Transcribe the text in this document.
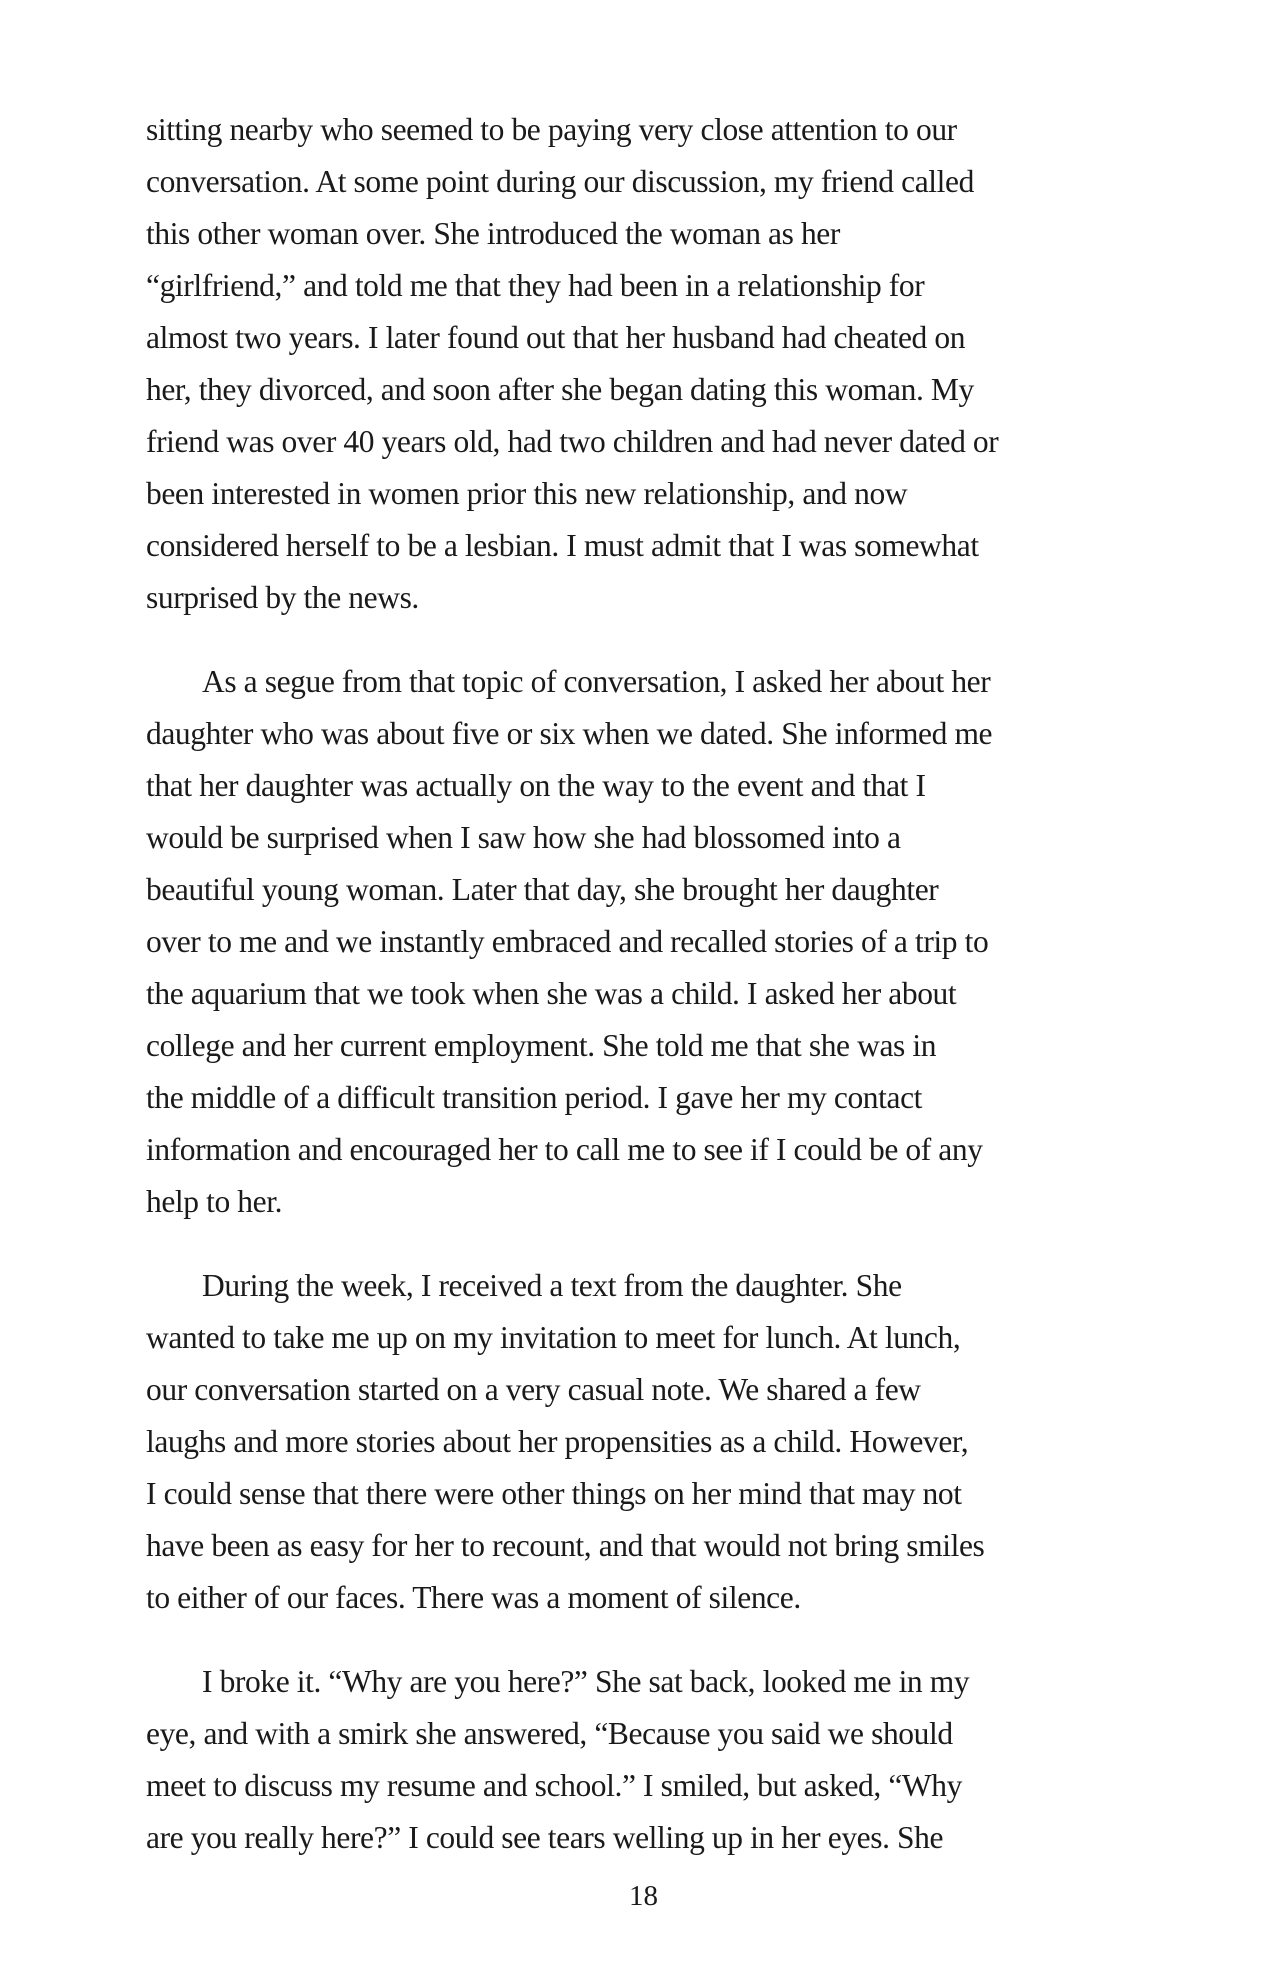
sitting nearby who seemed to be paying very close attention to our
conversation. At some point during our discussion, my friend called
this other woman over. She introduced the woman as her
“girlfriend,” and told me that they had been in a relationship for
almost two years. I later found out that her husband had cheated on
her, they divorced, and soon after she began dating this woman. My
friend was over 40 years old, had two children and had never dated or
been interested in women prior this new relationship, and now
considered herself to be a lesbian. I must admit that I was somewhat
surprised by the news.

As a segue from that topic of conversation, I asked her about her
daughter who was about five or six when we dated. She informed me
that her daughter was actually on the way to the event and that I
would be surprised when I saw how she had blossomed into a
beautiful young woman. Later that day, she brought her daughter
over to me and we instantly embraced and recalled stories of a trip to
the aquarium that we took when she was a child. I asked her about
college and her current employment. She told me that she was in
the middle of a difficult transition period. I gave her my contact
information and encouraged her to call me to see if I could be of any
help to her.

During the week, I received a text from the daughter. She
wanted to take me up on my invitation to meet for lunch. At lunch,
our conversation started on a very casual note. We shared a few
laughs and more stories about her propensities as a child. However,
I could sense that there were other things on her mind that may not
have been as easy for her to recount, and that would not bring smiles
to either of our faces. There was a moment of silence.

I broke it. “Why are you here?” She sat back, looked me in my
eye, and with a smirk she answered, “Because you said we should
meet to discuss my resume and school.” I smiled, but asked, “Why
are you really here?” I could see tears welling up in her eyes. She

18
